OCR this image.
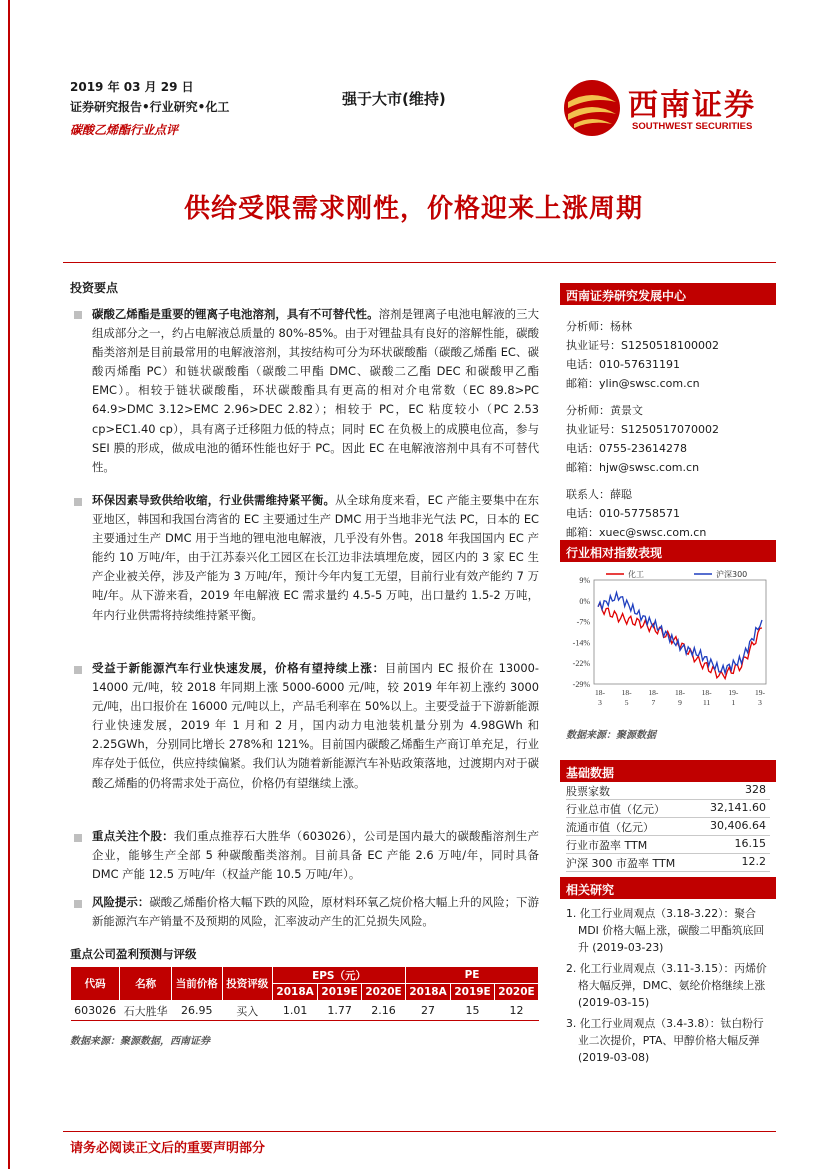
2019 年 03 月 29 日
证券研究报告•行业研究•化工
碳酸乙烯酯行业点评
强于大市(维持)	西南证券
SOUTHWEST SECURITIES
供给受限需求刚性，价格迎来上涨周期
投资要点
碳酸乙烯酯是重要的锂离子电池溶剂，具有不可替代性。溶剂是锂离子电池电解液的三大组成部分之一，约占电解液总质量的 80%-85%。由于对锂盐具有良好的溶解性能，碳酸酯类溶剂是目前最常用的电解液溶剂，其按结构可分为环状碳酸酯（碳酸乙烯酯 EC、碳酸丙烯酯 PC）和链状碳酸酯（碳酸二甲酯 DMC、碳酸二乙酯 DEC 和碳酸甲乙酯 EMC）。相较于链状碳酸酯，环状碳酸酯具有更高的相对介电常数（EC 89.8>PC 64.9>DMC 3.12>EMC 2.96>DEC 2.82）；相较于 PC，EC 粘度较小（PC 2.53 cp>EC1.40 cp），具有离子迁移阻力低的特点；同时 EC 在负极上的成膜电位高，参与 SEI 膜的形成，做成电池的循环性能也好于 PC。因此 EC 在电解液溶剂中具有不可替代性。
环保因素导致供给收缩，行业供需维持紧平衡。从全球角度来看，EC 产能主要集中在东亚地区，韩国和我国台湾省的 EC 主要通过生产 DMC 用于当地非光气法 PC，日本的 EC 主要通过生产 DMC 用于当地的锂电池电解液，几乎没有外售。2018 年我国国内 EC 产能约 10 万吨/年，由于江苏泰兴化工园区在长江边非法填埋危废，园区内的 3 家 EC 生产企业被关停，涉及产能为 3 万吨/年，预计今年内复工无望，目前行业有效产能约 7 万吨/年。从下游来看，2019 年电解液 EC 需求量约 4.5-5 万吨，出口量约 1.5-2 万吨，年内行业供需将持续维持紧平衡。
受益于新能源汽车行业快速发展，价格有望持续上涨：目前国内 EC 报价在 13000-14000 元/吨，较 2018 年同期上涨 5000-6000 元/吨，较 2019 年年初上涨约 3000 元/吨，出口报价在 16000 元/吨以上，产品毛利率在 50%以上。主要受益于下游新能源行业快速发展，2019 年 1 月和 2 月，国内动力电池装机量分别为 4.98GWh 和 2.25GWh，分别同比增长 278%和 121%。目前国内碳酸乙烯酯生产商订单充足，行业库存处于低位，供应持续偏紧。我们认为随着新能源汽车补贴政策落地，过渡期内对于碳酸乙烯酯的仍将需求处于高位，价格仍有望继续上涨。
重点关注个股：我们重点推荐石大胜华（603026），公司是国内最大的碳酸酯溶剂生产企业，能够生产全部 5 种碳酸酯类溶剂。目前具备 EC 产能 2.6 万吨/年，同时具备 DMC 产能 12.5 万吨/年（权益产能 10.5 万吨/年）。
风险提示：碳酸乙烯酯价格大幅下跌的风险，原材料环氧乙烷价格大幅上升的风险；下游新能源汽车产销量不及预期的风险，汇率波动产生的汇兑损失风险。
重点公司盈利预测与评级
代码	名称	当前价格	投资评级	EPS（元）			PE		
				2018A	2019E	2020E	2018A	2019E	2020E
603026	石大胜华	26.95	买入	1.01	1.77	2.16	27	15	12
数据来源：聚源数据，西南证券
西南证券研究发展中心
分析师：杨林
执业证号：S1250518100002
电话：010-57631191
邮箱：ylin@swsc.com.cn
分析师：黄景文
执业证号：S1250517070002
电话：0755-23614278
邮箱：hjw@swsc.com.cn
联系人：薛聪
电话：010-57758571
邮箱：xuec@swsc.com.cn
行业相对指数表现
9%
0%
-7%
-14%
-22%
-29%
18-
3
18-
5
18-
7
18-
9
18-
11
19-
1
19-
3
化工	沪深300
数据来源：聚源数据
基础数据
股票家数	328
行业总市值（亿元）	32,141.60
流通市值（亿元）	30,406.64
行业市盈率 TTM	16.15
沪深 300 市盈率 TTM	12.2
相关研究
1. 化工行业周观点（3.18-3.22）：聚合 MDI 价格大幅上涨，碳酸二甲酯筑底回升 (2019-03-23)
2. 化工行业周观点（3.11-3.15）：丙烯价格大幅反弹，DMC、氨纶价格继续上涨 (2019-03-15)
3. 化工行业周观点（3.4-3.8）：钛白粉行业二次提价，PTA、甲醇价格大幅反弹 (2019-03-08)
请务必阅读正文后的重要声明部分
